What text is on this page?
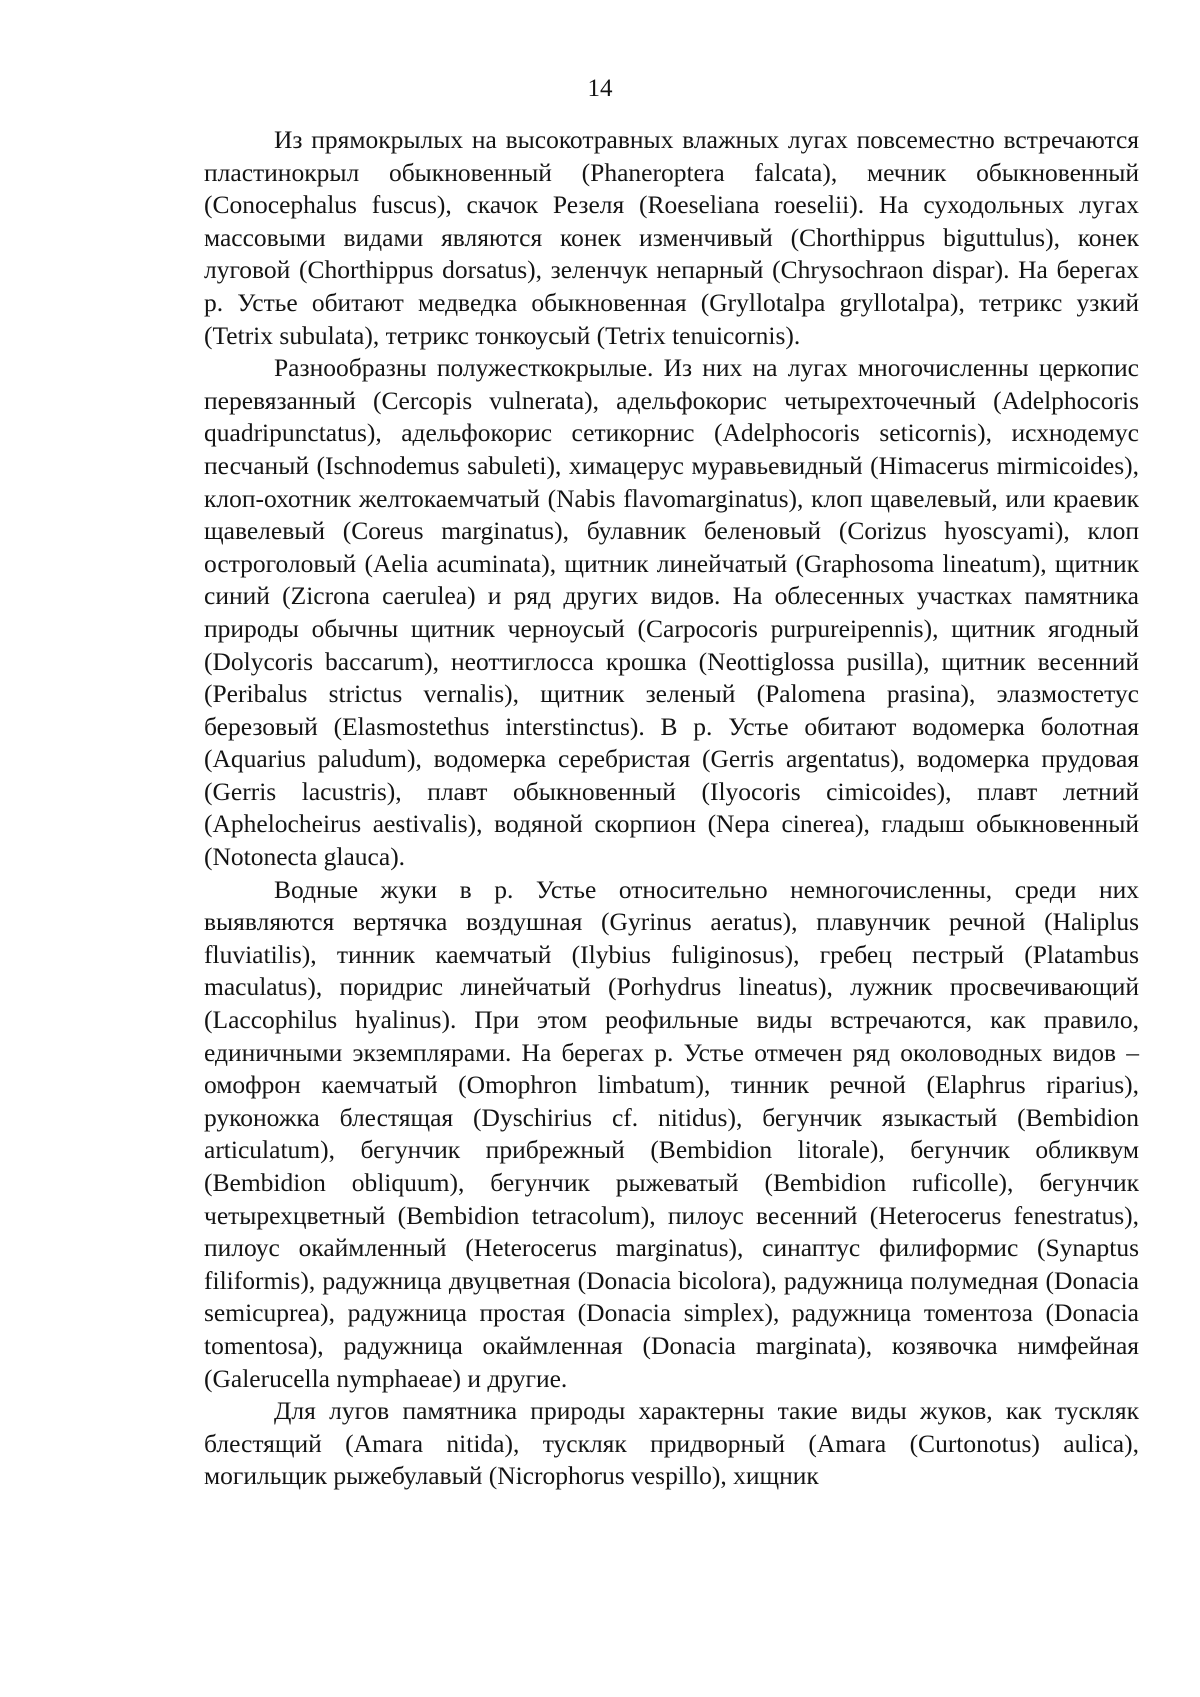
14

Из прямокрылых на высокотравных влажных лугах повсеместно встречаются пластинокрыл обыкновенный (Phaneroptera falcata), мечник обыкновенный (Conocephalus fuscus), скачок Резеля (Roeseliana roeselii). На суходольных лугах массовыми видами являются конек изменчивый (Chorthippus biguttulus), конек луговой (Chorthippus dorsatus), зеленчук непарный (Chrysochraon dispar). На берегах р. Устье обитают медведка обыкновенная (Gryllotalpa gryllotalpa), тетрикс узкий (Tetrix subulata), тетрикс тонкоусый (Tetrix tenuicornis).

Разнообразны полужесткокрылые. Из них на лугах многочисленны церкопис перевязанный (Cercopis vulnerata), адельфокорис четырехточечный (Adelphocoris quadripunctatus), адельфокорис сетикорнис (Adelphocoris seticornis), исхнодемус песчаный (Ischnodemus sabuleti), химацерус муравьевидный (Himacerus mirmicoides), клоп-охотник желтокаемчатый (Nabis flavomarginatus), клоп щавелевый, или краевик щавелевый (Coreus marginatus), булавник беленовый (Corizus hyoscyami), клоп остроголовый (Aelia acuminata), щитник линейчатый (Graphosoma lineatum), щитник синий (Zicrona caerulea) и ряд других видов. На облесенных участках памятника природы обычны щитник черноусый (Carpocoris purpureipennis), щитник ягодный (Dolycoris baccarum), неоттиглосса крошка (Neottiglossa pusilla), щитник весенний (Peribalus strictus vernalis), щитник зеленый (Palomena prasina), элазмостетус березовый (Elasmostethus interstinctus). В р. Устье обитают водомерка болотная (Aquarius paludum), водомерка серебристая (Gerris argentatus), водомерка прудовая (Gerris lacustris), плавт обыкновенный (Ilyocoris cimicoides), плавт летний (Aphelocheirus aestivalis), водяной скорпион (Nepa cinerea), гладыш обыкновенный (Notonecta glauca).

Водные жуки в р. Устье относительно немногочисленны, среди них выявляются вертячка воздушная (Gyrinus aeratus), плавунчик речной (Haliplus fluviatilis), тинник каемчатый (Ilybius fuliginosus), гребец пестрый (Platambus maculatus), поридрис линейчатый (Porhydrus lineatus), лужник просвечивающий (Laccophilus hyalinus). При этом реофильные виды встречаются, как правило, единичными экземплярами. На берегах р. Устье отмечен ряд околоводных видов – омофрон каемчатый (Omophron limbatum), тинник речной (Elaphrus riparius), руконожка блестящая (Dyschirius cf. nitidus), бегунчик языкастый (Bembidion articulatum), бегунчик прибрежный (Bembidion litorale), бегунчик обликвум (Bembidion obliquum), бегунчик рыжеватый (Bembidion ruficolle), бегунчик четырехцветный (Bembidion tetracolum), пилоус весенний (Heterocerus fenestratus), пилоус окаймленный (Heterocerus marginatus), синаптус филиформис (Synaptus filiformis), радужница двуцветная (Donacia bicolora), радужница полумедная (Donacia semicuprea), радужница простая (Donacia simplex), радужница томентоза (Donacia tomentosa), радужница окаймленная (Donacia marginata), козявочка нимфейная (Galerucella nymphaeae) и другие.

Для лугов памятника природы характерны такие виды жуков, как тускляк блестящий (Amara nitida), тускляк придворный (Amara (Curtonotus) aulica), могильщик рыжебулавый (Nicrophorus vespillo), хищник
